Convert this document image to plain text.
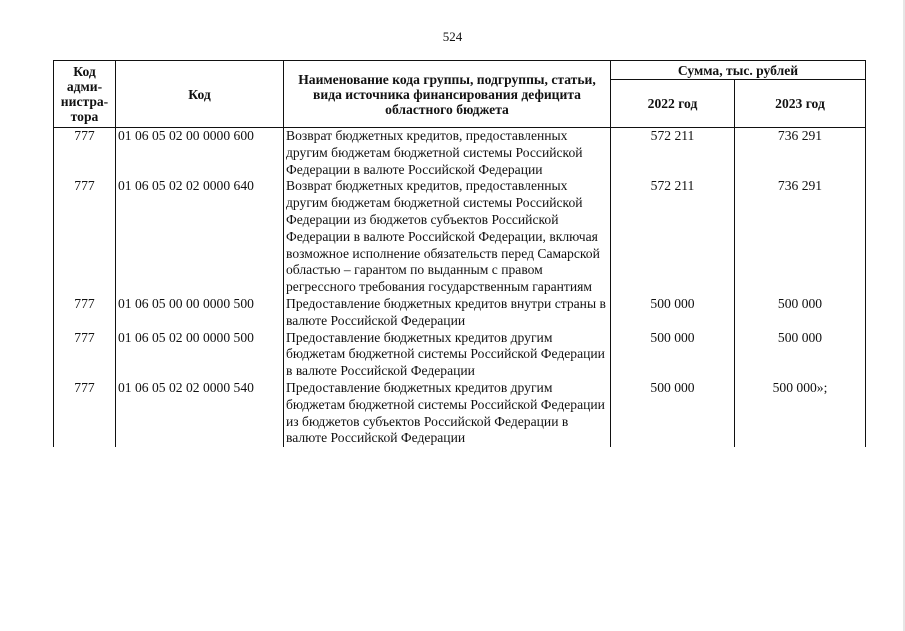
524
Код адми-нистра-тора	Код	Наименование кода группы, подгруппы, статьи, вида источника финансирования дефицита областного бюджета	Сумма, тыс. рублей	
			2022 год	2023 год
777	01 06 05 02 00 0000 600	Возврат бюджетных кредитов, предоставленных другим бюджетам бюджетной системы Российской Федерации в валюте Российской Федерации	572 211	736 291
777	01 06 05 02 02 0000 640	Возврат бюджетных кредитов, предоставленных другим бюджетам бюджетной системы Российской Федерации из бюджетов субъектов Российской Федерации в валюте Российской Федерации, включая возможное исполнение обязательств перед Самарской областью – гарантом по выданным с правом регрессного требования государственным гарантиям	572 211	736 291
777	01 06 05 00 00 0000 500	Предоставление бюджетных кредитов внутри страны в валюте Российской Федерации	500 000	500 000
777	01 06 05 02 00 0000 500	Предоставление бюджетных кредитов другим бюджетам бюджетной системы Российской Федерации в валюте Российской Федерации	500 000	500 000
777	01 06 05 02 02 0000 540	Предоставление бюджетных кредитов другим бюджетам бюджетной системы Российской Федерации из бюджетов субъектов Российской Федерации в валюте Российской Федерации	500 000	500 000»;
